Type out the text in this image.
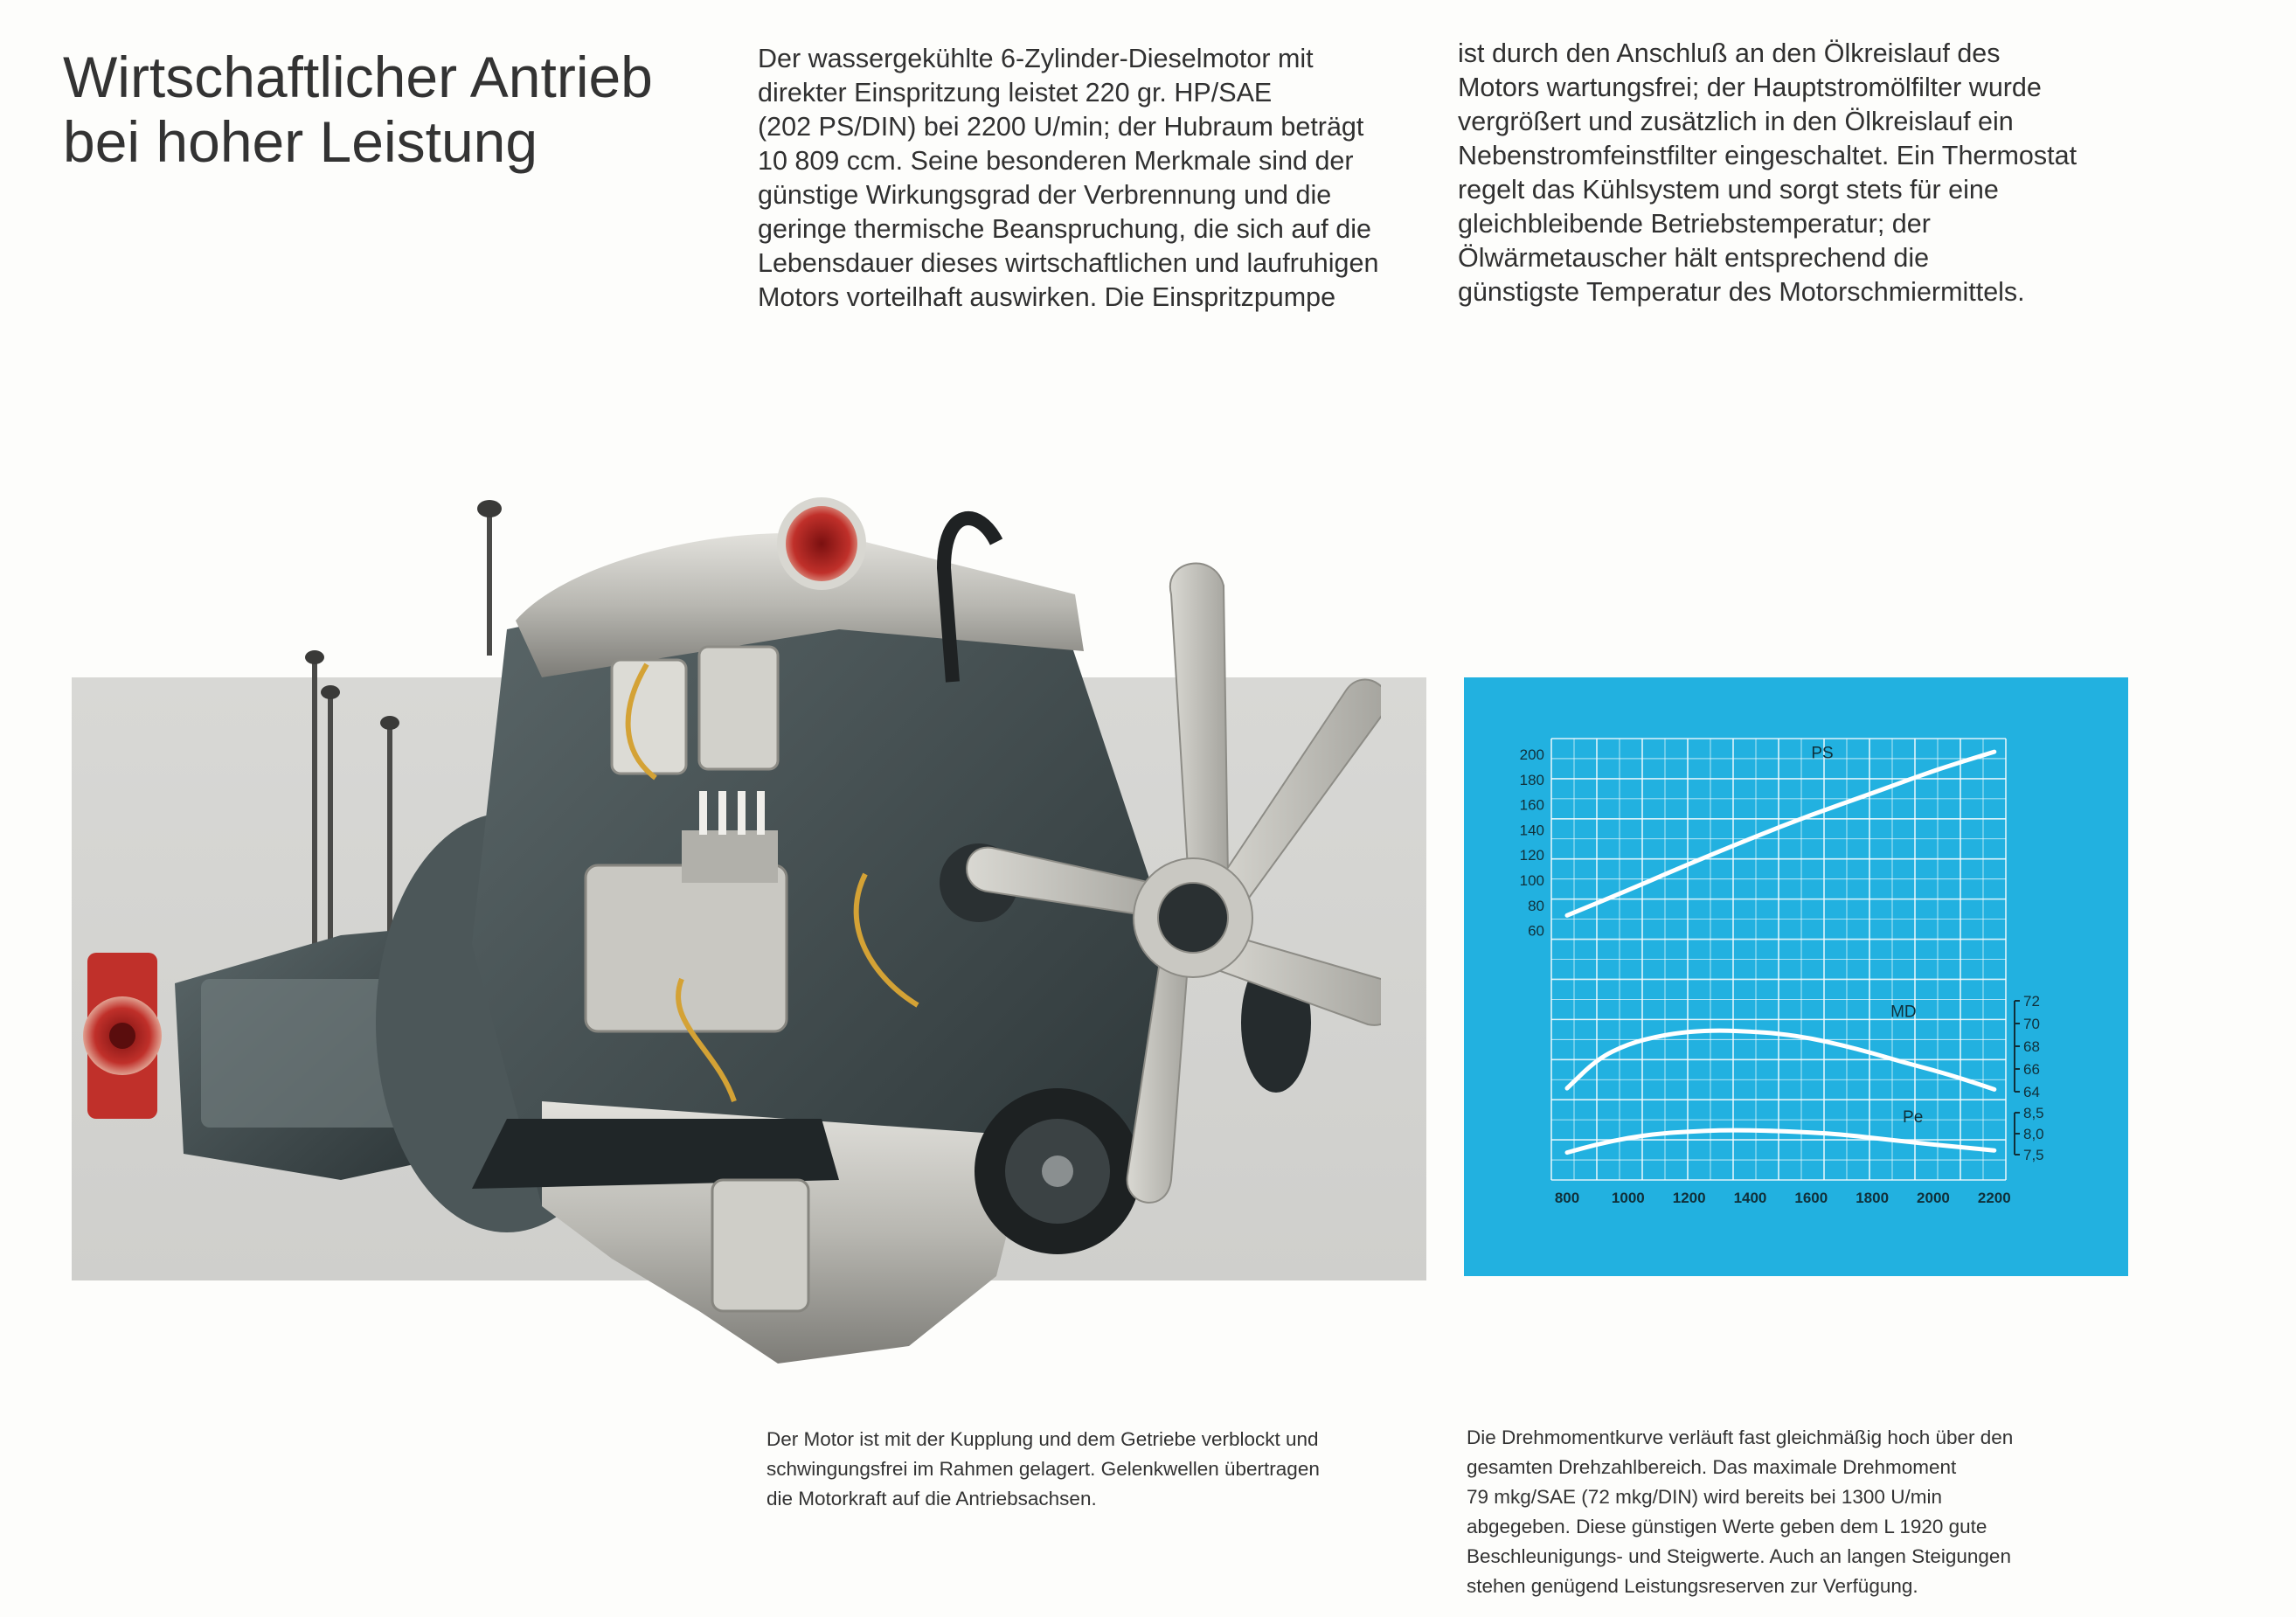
Wirtschaftlicher Antrieb
bei hoher Leistung

Der wassergekühlte 6-Zylinder-Dieselmotor mit
direkter Einspritzung leistet 220 gr. HP/SAE
(202 PS/DIN) bei 2200 U/min; der Hubraum beträgt
10 809 ccm. Seine besonderen Merkmale sind der
günstige Wirkungsgrad der Verbrennung und die
geringe thermische Beanspruchung, die sich auf die
Lebensdauer dieses wirtschaftlichen und laufruhigen
Motors vorteilhaft auswirken. Die Einspritzpumpe

ist durch den Anschluß an den Ölkreislauf des
Motors wartungsfrei; der Hauptstromölfilter wurde
vergrößert und zusätzlich in den Ölkreislauf ein
Nebenstromfeinstfilter eingeschaltet. Ein Thermostat
regelt das Kühlsystem und sorgt stets für eine
gleichbleibende Betriebstemperatur; der
Ölwärmetauscher hält entsprechend die
günstigste Temperatur des Motorschmiermittels.

200
180
160
140
120
100
80
60
72
70
68
66
64
8,5
8,0
7,5
800 1000 1200 1400 1600 1800 2000 2200
PS
MD
Pe

Der Motor ist mit der Kupplung und dem Getriebe verblockt und
schwingungsfrei im Rahmen gelagert. Gelenkwellen übertragen
die Motorkraft auf die Antriebsachsen.

Die Drehmomentkurve verläuft fast gleichmäßig hoch über den
gesamten Drehzahlbereich. Das maximale Drehmoment
79 mkg/SAE (72 mkg/DIN) wird bereits bei 1300 U/min
abgegeben. Diese günstigen Werte geben dem L 1920 gute
Beschleunigungs- und Steigwerte. Auch an langen Steigungen
stehen genügend Leistungsreserven zur Verfügung.
